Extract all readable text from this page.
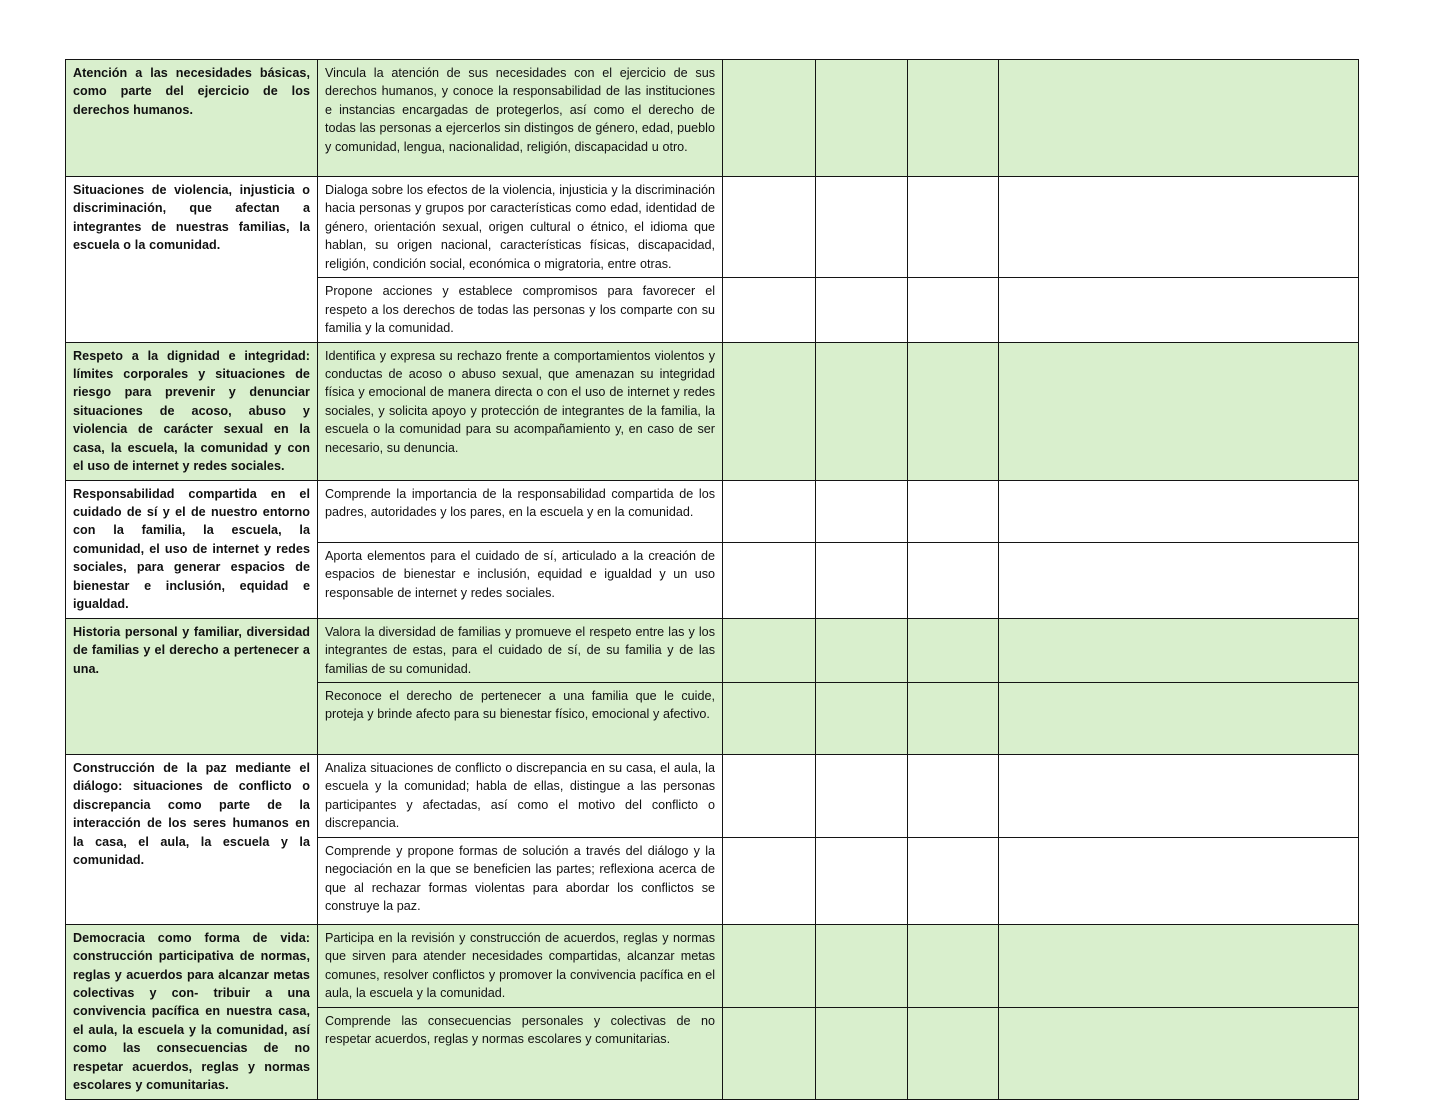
Atención a las necesidades básicas, como parte del ejercicio de los derechos humanos.	Vincula la atención de sus necesidades con el ejercicio de sus derechos humanos, y conoce la responsabilidad de las instituciones e instancias encargadas de protegerlos, así como el derecho de todas las personas a ejercerlos sin distingos de género, edad, pueblo y comunidad, lengua, nacionalidad, religión, discapacidad u otro.				
Situaciones de violencia, injusticia o discriminación, que afectan a integrantes de nuestras familias, la escuela o la comunidad.	Dialoga sobre los efectos de la violencia, injusticia y la discriminación hacia personas y grupos por características como edad, identidad de género, orientación sexual, origen cultural o étnico, el idioma que hablan, su origen nacional, características físicas, discapacidad, religión, condición social, económica o migratoria, entre otras.				
	Propone acciones y establece compromisos para favorecer el respeto a los derechos de todas las personas y los comparte con su familia y la comunidad.				
Respeto a la dignidad e integridad: límites corporales y situaciones de riesgo para prevenir y denunciar situaciones de acoso, abuso y violencia de carácter sexual en la casa, la escuela, la comunidad y con el uso de internet y redes sociales.	Identifica y expresa su rechazo frente a comportamientos violentos y conductas de acoso o abuso sexual, que amenazan su integridad física y emocional de manera directa o con el uso de internet y redes sociales, y solicita apoyo y protección de integrantes de la familia, la escuela o la comunidad para su acompañamiento y, en caso de ser necesario, su denuncia.				
Responsabilidad compartida en el cuidado de sí y el de nuestro entorno con la familia, la escuela, la comunidad, el uso de internet y redes sociales, para generar espacios de bienestar e inclusión, equidad e igualdad.	Comprende la importancia de la responsabilidad compartida de los padres, autoridades y los pares, en la escuela y en la comunidad.				
	Aporta elementos para el cuidado de sí, articulado a la creación de espacios de bienestar e inclusión, equidad e igualdad y un uso responsable de internet y redes sociales.				
Historia personal y familiar, diversidad de familias y el derecho a pertenecer a una.	Valora la diversidad de familias y promueve el respeto entre las y los integrantes de estas, para el cuidado de sí, de su familia y de las familias de su comunidad.				
	Reconoce el derecho de pertenecer a una familia que le cuide, proteja y brinde afecto para su bienestar físico, emocional y afectivo.				
Construcción de la paz mediante el diálogo: situaciones de conflicto o discrepancia como parte de la interacción de los seres humanos en la casa, el aula, la escuela y la comunidad.	Analiza situaciones de conflicto o discrepancia en su casa, el aula, la escuela y la comunidad; habla de ellas, distingue a las personas participantes y afectadas, así como el motivo del conflicto o discrepancia.				
	Comprende y propone formas de solución a través del diálogo y la negociación en la que se beneficien las partes; reflexiona acerca de que al rechazar formas violentas para abordar los conflictos se construye la paz.				
Democracia como forma de vida: construcción participativa de normas, reglas y acuerdos para alcanzar metas colectivas y con- tribuir a una convivencia pacífica en nuestra casa, el aula, la escuela y la comunidad, así como las consecuencias de no respetar acuerdos, reglas y normas escolares y comunitarias.	Participa en la revisión y construcción de acuerdos, reglas y normas que sirven para atender necesidades compartidas, alcanzar metas comunes, resolver conflictos y promover la convivencia pacífica en el aula, la escuela y la comunidad.				
	Comprende las consecuencias personales y colectivas de no respetar acuerdos, reglas y normas escolares y comunitarias.				
